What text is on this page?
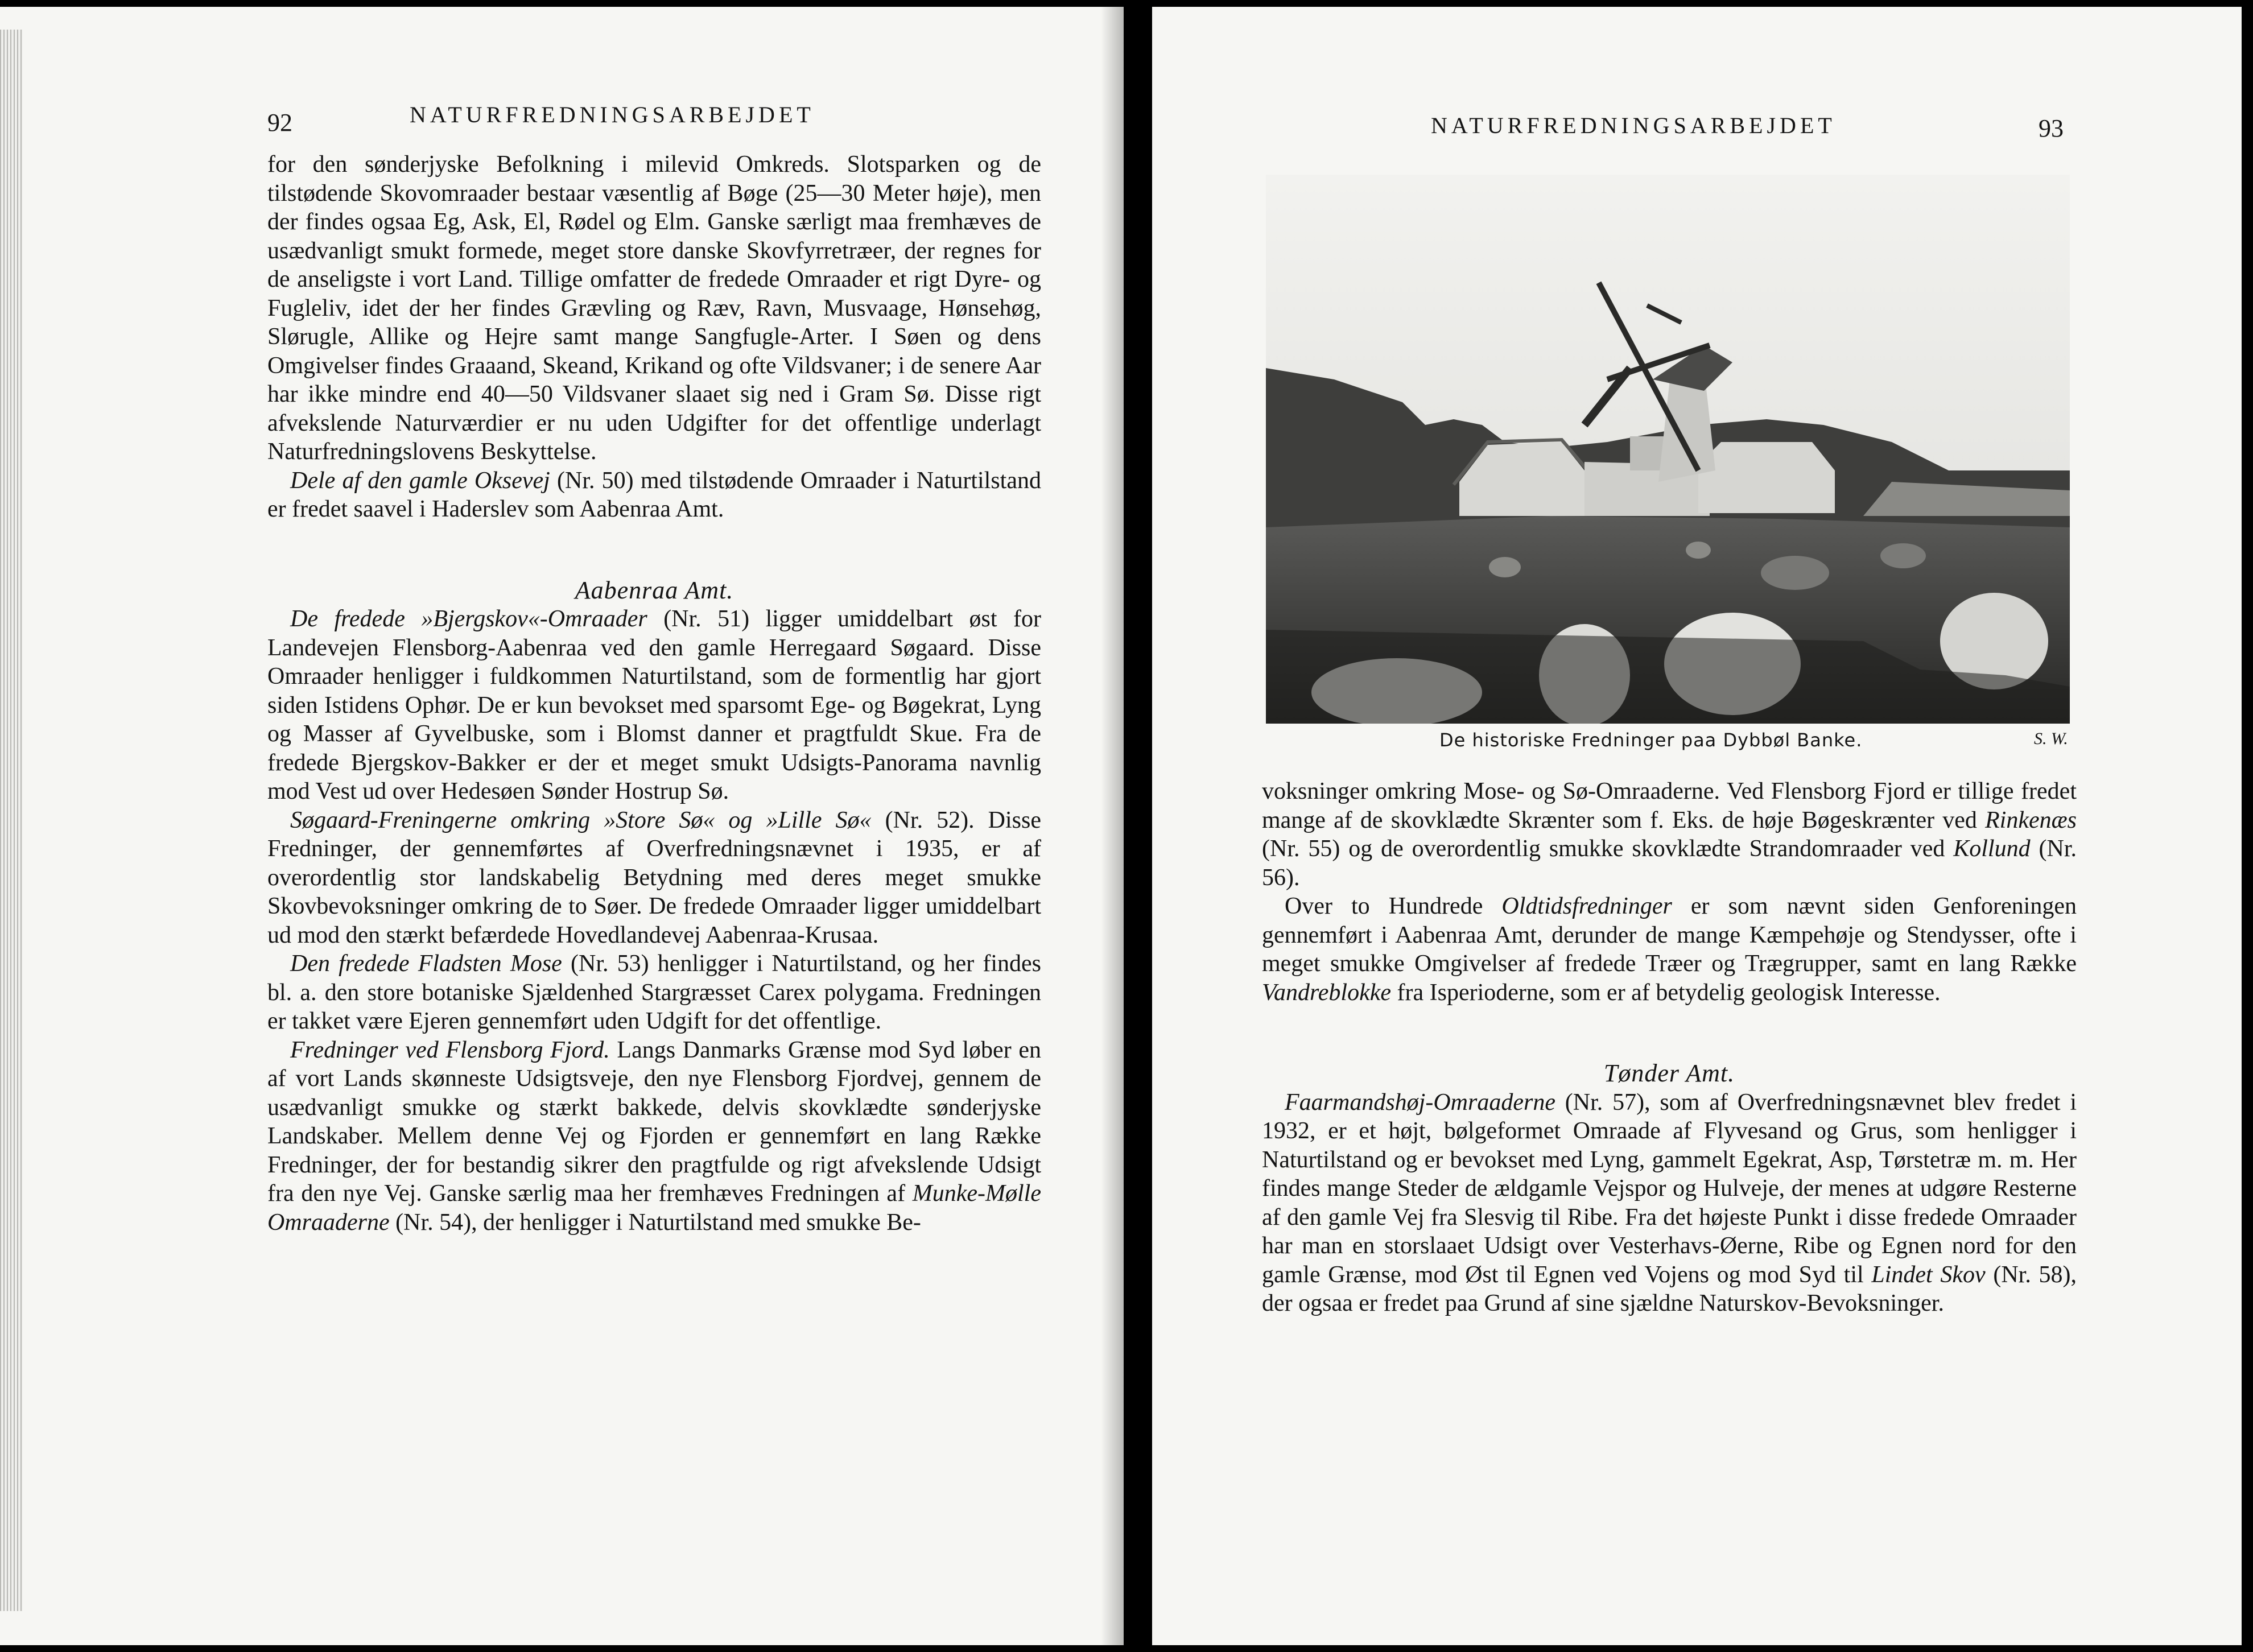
92	NATURFREDNINGSARBEJDET

for den sønderjyske Befolkning i milevid Omkreds. Slotsparken og de tilstødende Skovomraader bestaar væsentlig af Bøge (25—30 Meter høje), men der findes ogsaa Eg, Ask, El, Rødel og Elm. Ganske særligt maa fremhæves de usædvanligt smukt formede, meget store danske Skovfyrretræer, der regnes for de anseligste i vort Land. Tillige omfatter de fredede Omraader et rigt Dyre- og Fugleliv, idet der her findes Grævling og Ræv, Ravn, Musvaage, Hønsehøg, Slørugle, Allike og Hejre samt mange Sangfugle-Arter. I Søen og dens Omgivelser findes Graaand, Skeand, Krikand og ofte Vildsvaner; i de senere Aar har ikke mindre end 40—50 Vildsvaner slaaet sig ned i Gram Sø. Disse rigt afvekslende Naturværdier er nu uden Udgifter for det offentlige underlagt Naturfredningslovens Beskyttelse.

Dele af den gamle Oksevej (Nr. 50) med tilstødende Omraader i Naturtilstand er fredet saavel i Haderslev som Aabenraa Amt.

Aabenraa Amt.

De fredede »Bjergskov«-Omraader (Nr. 51) ligger umiddelbart øst for Landevejen Flensborg-Aabenraa ved den gamle Herregaard Søgaard. Disse Omraader henligger i fuldkommen Naturtilstand, som de formentlig har gjort siden Istidens Ophør. De er kun bevokset med sparsomt Ege- og Bøgekrat, Lyng og Masser af Gyvelbuske, som i Blomst danner et pragtfuldt Skue. Fra de fredede Bjergskov-Bakker er der et meget smukt Udsigts-Panorama navnlig mod Vest ud over Hedesøen Sønder Hostrup Sø.

Søgaard-Freningerne omkring »Store Sø« og »Lille Sø« (Nr. 52). Disse Fredninger, der gennemførtes af Overfredningsnævnet i 1935, er af overordentlig stor landskabelig Betydning med deres meget smukke Skovbevoksninger omkring de to Søer. De fredede Omraader ligger umiddelbart ud mod den stærkt befærdede Hovedlandevej Aabenraa-Krusaa.

Den fredede Fladsten Mose (Nr. 53) henligger i Naturtilstand, og her findes bl. a. den store botaniske Sjældenhed Stargræsset Carex polygama. Fredningen er takket være Ejeren gennemført uden Udgift for det offentlige.

Fredninger ved Flensborg Fjord. Langs Danmarks Grænse mod Syd løber en af vort Lands skønneste Udsigtsveje, den nye Flensborg Fjordvej, gennem de usædvanligt smukke og stærkt bakkede, delvis skovklædte sønderjyske Landskaber. Mellem denne Vej og Fjorden er gennemført en lang Række Fredninger, der for bestandig sikrer den pragtfulde og rigt afvekslende Udsigt fra den nye Vej. Ganske særlig maa her fremhæves Fredningen af Munke-Mølle Omraaderne (Nr. 54), der henligger i Naturtilstand med smukke Be-

NATURFREDNINGSARBEJDET	93
De historiske Fredninger paa Dybbøl Banke.	S. W.

voksninger omkring Mose- og Sø-Omraaderne. Ved Flensborg Fjord er tillige fredet mange af de skovklædte Skrænter som f. Eks. de høje Bøgeskrænter ved Rinkenæs (Nr. 55) og de overordentlig smukke skovklædte Strandomraader ved Kollund (Nr. 56).

Over to Hundrede Oldtidsfredninger er som nævnt siden Genforeningen gennemført i Aabenraa Amt, derunder de mange Kæmpehøje og Stendysser, ofte i meget smukke Omgivelser af fredede Træer og Trægrupper, samt en lang Række Vandreblokke fra Isperioderne, som er af betydelig geologisk Interesse.

Tønder Amt.

Faarmandshøj-Omraaderne (Nr. 57), som af Overfredningsnævnet blev fredet i 1932, er et højt, bølgeformet Omraade af Flyvesand og Grus, som henligger i Naturtilstand og er bevokset med Lyng, gammelt Egekrat, Asp, Tørstetræ m. m. Her findes mange Steder de ældgamle Vejspor og Hulveje, der menes at udgøre Resterne af den gamle Vej fra Slesvig til Ribe. Fra det højeste Punkt i disse fredede Omraader har man en storslaaet Udsigt over Vesterhavs-Øerne, Ribe og Egnen nord for den gamle Grænse, mod Øst til Egnen ved Vojens og mod Syd til Lindet Skov (Nr. 58), der ogsaa er fredet paa Grund af sine sjældne Naturskov-Bevoksninger.
